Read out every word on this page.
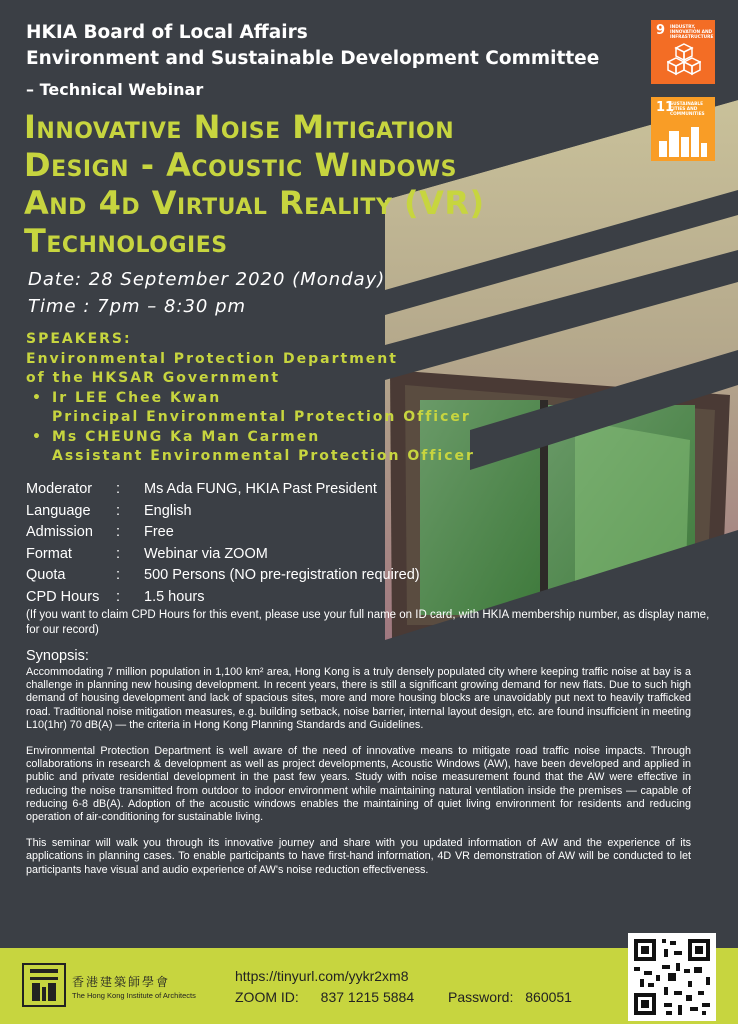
HKIA Board of Local Affairs
Environment and Sustainable Development Committee
– Technical Webinar
9 INDUSTRY, INNOVATION AND INFRASTRUCTURE
11
SUSTAINABLE CITIES AND COMMUNITIES
Innovative Noise Mitigation
Design - Acoustic Windows
And 4d Virtual Reality (VR)
Technologies
Date: 28 September 2020 (Monday)
Time : 7pm – 8:30 pm
SPEAKERS:
Environmental Protection Department
of the HKSAR Government
• Ir LEE Chee Kwan
Principal Environmental Protection Officer
• Ms CHEUNG Ka Man Carmen
Assistant Environmental Protection Officer
Moderator	:	Ms Ada FUNG, HKIA Past President
Language	:	English
Admission	:	Free
Format	:	Webinar via ZOOM
Quota	:	500 Persons (NO pre-registration required)
CPD Hours	:	1.5 hours
(If you want to claim CPD Hours for this event, please use your full name on ID card, with HKIA membership number, as display name, for our record)
Synopsis:

Accommodating 7 million population in 1,100 km² area, Hong Kong is a truly densely populated city where keeping traffic noise at bay is a challenge in planning new housing development. In recent years, there is still a significant growing demand for new flats. Due to such high demand of housing development and lack of spacious sites, more and more housing blocks are unavoidably put next to heavily trafficked road. Traditional noise mitigation measures, e.g. building setback, noise barrier, internal layout design, etc. are found insufficient in meeting L10(1hr) 70 dB(A) — the criteria in Hong Kong Planning Standards and Guidelines.

Environmental Protection Department is well aware of the need of innovative means to mitigate road traffic noise impacts. Through collaborations in research & development as well as project developments, Acoustic Windows (AW), have been developed and applied in public and private residential development in the past few years. Study with noise measurement found that the AW were effective in reducing the noise transmitted from outdoor to indoor environment while maintaining natural ventilation inside the premises — capable of reducing 6-8 dB(A). Adoption of the acoustic windows enables the maintaining of quiet living environment for residents and reducing operation of air-conditioning for sustainable living.

This seminar will walk you through its innovative journey and share with you updated information of AW and the experience of its applications in planning cases. To enable participants to have first-hand information, 4D VR demonstration of AW will be conducted to let participants have visual and audio experience of AW's noise reduction effectiveness.

香港建築師學會
The Hong Kong Institute of Architects
https://tinyurl.com/yykr2xm8
ZOOM ID: 837 1215 5884 Password: 860051
